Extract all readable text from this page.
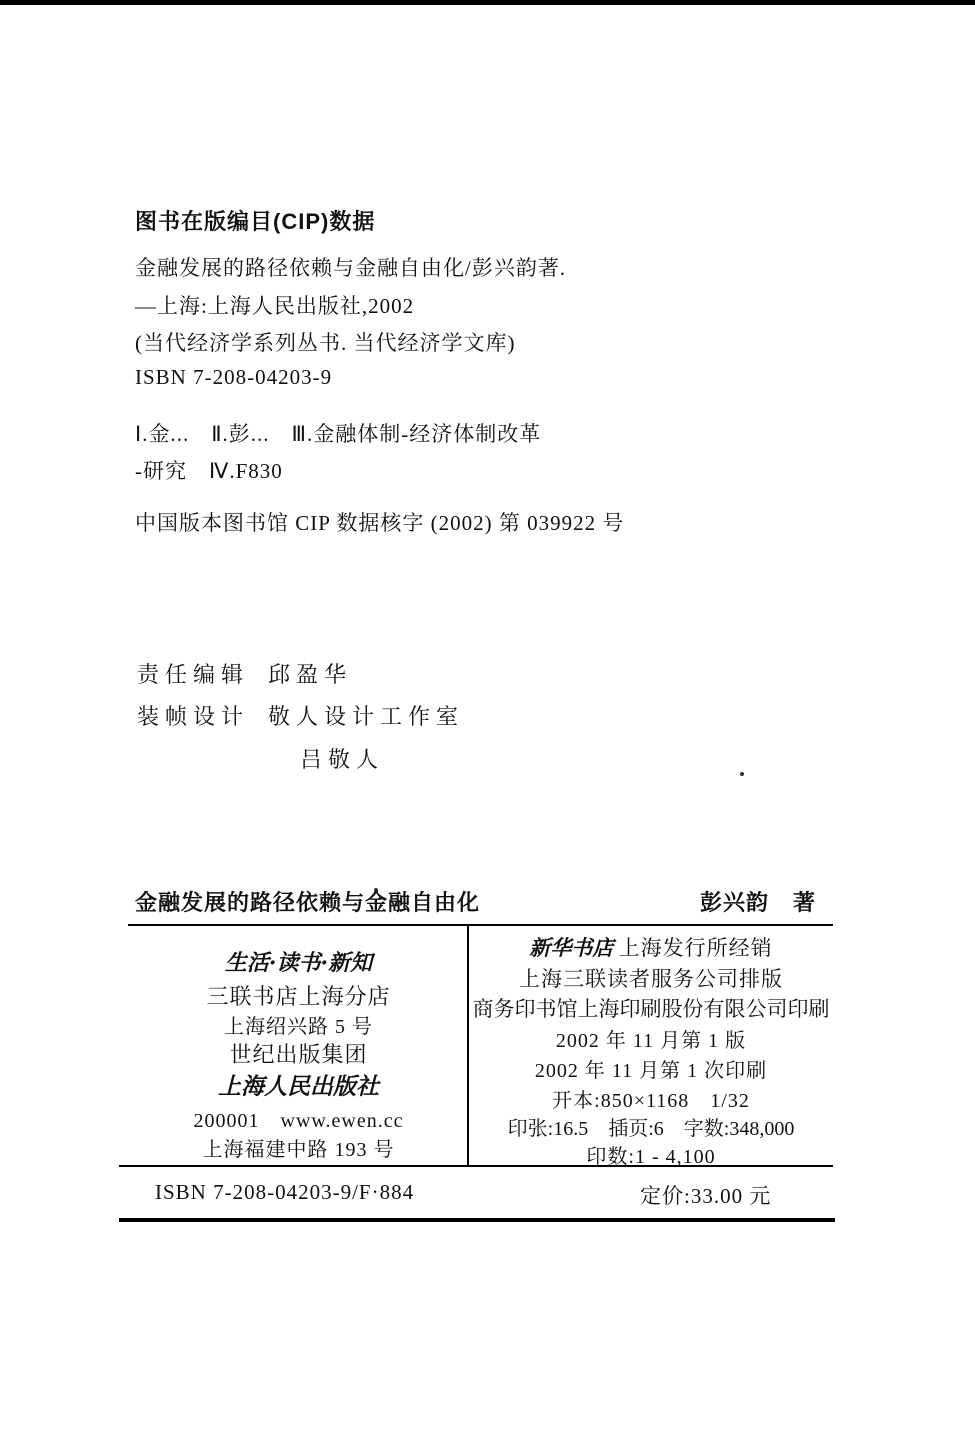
图书在版编目(CIP)数据
金融发展的路径依赖与金融自由化/彭兴韵著.
—上海:上海人民出版社,2002
(当代经济学系列丛书. 当代经济学文库)
ISBN 7-208-04203-9
Ⅰ.金...　Ⅱ.彭...　Ⅲ.金融体制-经济体制改革
-研究　Ⅳ.F830
中国版本图书馆 CIP 数据核字 (2002) 第 039922 号
责任编辑 邱盈华
装帧设计 敬人设计工作室
吕敬人
金融发展的路径依赖与金融自由化	彭兴韵 著
生活·读书·新知
三联书店上海分店
上海绍兴路 5 号
世纪出版集团
上海人民出版社
200001　www.ewen.cc
上海福建中路 193 号
新华书店 上海发行所经销
上海三联读者服务公司排版
商务印书馆上海印刷股份有限公司印刷
2002 年 11 月第 1 版
2002 年 11 月第 1 次印刷
开本:850×1168　1/32
印张:16.5　插页:6　字数:348,000
印数:1 - 4,100
ISBN 7-208-04203-9/F·884	定价:33.00 元
